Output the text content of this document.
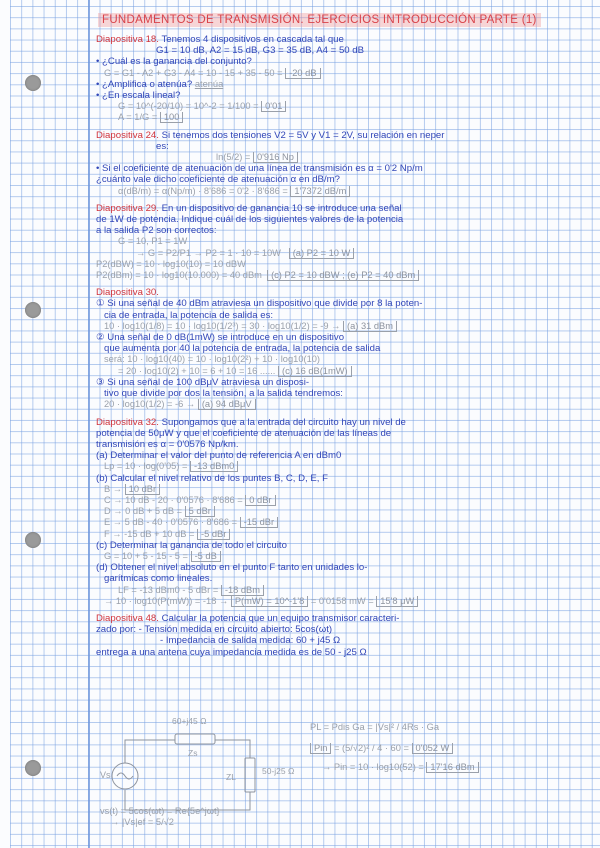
FUNDAMENTOS DE TRANSMISIÓN. EJERCICIOS INTRODUCCIÓN PARTE (1)
Diapositiva 18. Tenemos 4 dispositivos en cascada tal que
G1 = 10 dB, A2 = 15 dB, G3 = 35 dB, A4 = 50 dB
• ¿Cuál es la ganancia del conjunto?
G = G1 - A2 + G3 - A4 = 10 - 15 + 35 - 50 = -20 dB
• ¿Amplifica o atenúa? atenúa
• ¿En escala lineal?
G = 10^(-20/10) = 10^-2 = 1/100 = 0'01
A = 1/G = 100
Diapositiva 24. Si tenemos dos tensiones V2 = 5V y V1 = 2V, su relación en neper
es:
ln(5/2) = 0'916 Np
• Si el coeficiente de atenuación de una línea de transmisión es α = 0'2 Np/m
¿cuánto vale dicho coeficiente de atenuación α en dB/m?
α(dB/m) = α(Np/m) · 8'686 = 0'2 · 8'686 = 1'7372 dB/m
Diapositiva 29. En un dispositivo de ganancia 10 se introduce una señal
de 1W de potencia. Indique cuál de los siguientes valores de la potencia
a la salida P2 son correctos:
G = 10, P1 = 1W
→ G = P2/P1 → P2 = 1 · 10 = 10W (a) P2 = 10 W
P2(dBW) = 10 · log10(10) = 10 dBW
P2(dBm) = 10 · log10(10.000) = 40 dBm (c) P2 = 10 dBW ; (e) P2 = 40 dBm
Diapositiva 30.
① Si una señal de 40 dBm atraviesa un dispositivo que divide por 8 la poten-
cia de entrada, la potencia de salida es:
10 · log10(1/8) = 10 · log10(1/2³) = 30 · log10(1/2) = -9 → (a) 31 dBm
② Una señal de 0 dB(1mW) se introduce en un dispositivo
que aumenta por 40 la potencia de entrada, la potencia de salida
será: 10 · log10(40) = 10 · log10(2²) + 10 · log10(10)
= 20 · log10(2) + 10 = 6 + 10 = 16 ...... (c) 16 dB(1mW)
③ Si una señal de 100 dBμV atraviesa un disposi-
tivo que divide por dos la tensión, a la salida tendremos:
20 · log10(1/2) = -6 → (a) 94 dBμV
Diapositiva 32. Supongamos que a la entrada del circuito hay un nivel de
potencia de 50μW y que el coeficiente de atenuación de las líneas de
transmisión es α = 0'0576 Np/km.
(a) Determinar el valor del punto de referencia A en dBm0
Lp = 10 · log(0'05) = -13 dBm0
(b) Calcular el nivel relativo de los puntes B, C, D, E, F
B → 10 dBr
C → 10 dB - 20 · 0'0576 · 8'686 = 0 dBr
D → 0 dB + 5 dB = 5 dBr
E → 5 dB - 40 · 0'0576 · 8'686 = -15 dBr
F → -15 dB + 10 dB = -5 dBr
(c) Determinar la ganancia de todo el circuito
G = 10 + 5 - 15 - 5 = -5 dB
(d) Obtener el nivel absoluto en el punto F tanto en unidades lo-
garítmicas como lineales.
LF = -13 dBm0 - 5 dBr = -18 dBm
→ 10 · log10(P(mW)) = -18 → P(mW) = 10^-1'8 = 0'0158 mW = 15'8 μW
Diapositiva 48. Calcular la potencia que un equipo transmisor caracteri-
zado por: - Tensión medida en circuito abierto: 5cos(ωt)
- Impedancia de salida medida: 60 + j45 Ω
entrega a una antena cuya impedancia medida es de 50 - j25 Ω
60+j45 Ω
Zs
Vs	ZL
50-j25 Ω
PL = Pdis Ga = |Vs|² / 4Rs · Ga
Pin = (5/√2)² / 4 · 60 = 0'052 W
→ Pin = 10 · log10(52) = 17'16 dBm
vs(t) = 5cos(ωt) = Re{5e^jωt}
→ |Vs|ef = 5/√2
